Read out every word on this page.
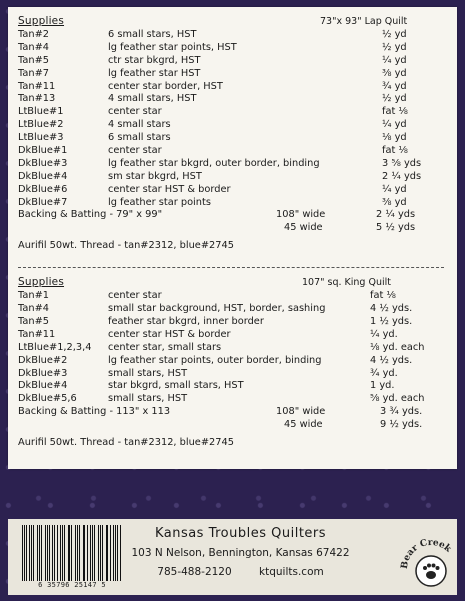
Supplies	73"x 93" Lap Quilt
Tan#2	6 small stars, HST	½ yd
Tan#4	lg feather star points, HST	½ yd
Tan#5	ctr star bkgrd, HST	¼ yd
Tan#7	lg feather star HST	⅜ yd
Tan#11	center star border, HST	¾ yd
Tan#13	4 small stars, HST	½ yd
LtBlue#1	center star	fat ⅛
LtBlue#2	4 small stars	¼ yd
LtBlue#3	6 small stars	⅛ yd
DkBlue#1	center star	fat ⅛
DkBlue#3	lg feather star bkgrd, outer border, binding	3 ⅝ yds
DkBlue#4	sm star bkgrd, HST	2 ¼ yds
DkBlue#6	center star HST & border	¼ yd
DkBlue#7	lg feather star points	⅜ yd
Backing & Batting - 79" x 99"	108" wide	2 ¼ yds
45 wide	5 ½ yds
Aurifil 50wt. Thread - tan#2312, blue#2745
Supplies	107" sq. King Quilt
Tan#1	center star	fat ⅛
Tan#4	small star background, HST, border, sashing	4 ½ yds.
Tan#5	feather star bkgrd, inner border	1 ½ yds.
Tan#11	center star HST & border	¼ yd.
LtBlue#1,2,3,4 center star, small stars	⅛ yd. each
DkBlue#2	lg feather star points, outer border, binding	4 ½ yds.
DkBlue#3	small stars, HST	¾ yd.
DkBlue#4	star bkgrd, small stars, HST	1 yd.
DkBlue#5,6	small stars, HST	⅝ yd. each
Backing & Batting - 113" x 113	108" wide	3 ¾ yds.
45 wide	9 ½ yds.
Aurifil 50wt. Thread - tan#2312, blue#2745
6 35796 25147 5
Kansas Troubles Quilters
103 N Nelson, Bennington, Kansas 67422
785-488-2120	ktquilts.com
Bear Creek
